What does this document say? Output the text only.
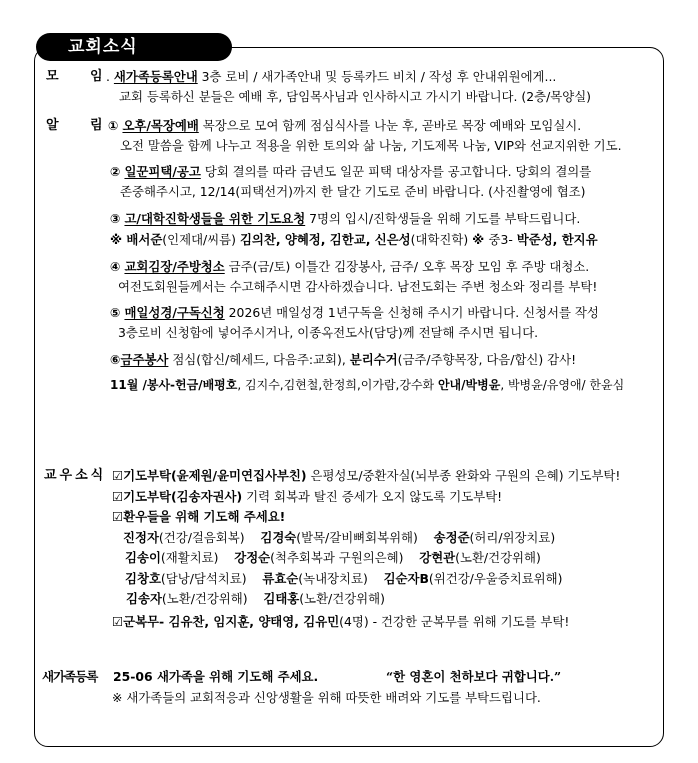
교회소식
모 임 . 새가족등록안내 3층 로비 / 새가족안내 및 등록카드 비치 / 작성 후 안내위원에게...
교회 등록하신 분들은 예배 후, 담임목사님과 인사하시고 가시기 바랍니다. (2층/목양실)
알 림 ① 오후/목장예배 목장으로 모여 함께 점심식사를 나눈 후, 곧바로 목장 예배와 모임실시.
오전 말씀을 함께 나누고 적용을 위한 토의와 삶 나눔, 기도제목 나눔, VIP와 선교지위한 기도.
② 일꾼피택/공고 당회 결의를 따라 금년도 일꾼 피택 대상자를 공고합니다. 당회의 결의를
존중해주시고, 12/14(피택선거)까지 한 달간 기도로 준비 바랍니다. (사진촬영에 협조)
③ 고/대학진학생들을 위한 기도요청 7명의 입시/진학생들을 위해 기도를 부탁드립니다.
※ 배서준(인제대/씨름) 김의찬, 양혜정, 김한교, 신은성(대학진학) ※ 중3- 박준성, 한지유
④ 교회김장/주방청소 금주(금/토) 이틀간 김장봉사, 금주/ 오후 목장 모임 후 주방 대청소.
여전도회원들께서는 수고해주시면 감사하겠습니다. 남전도회는 주변 청소와 정리를 부탁!
⑤ 매일성경/구독신청 2026년 매일성경 1년구독을 신청해 주시기 바랍니다. 신청서를 작성
3층로비 신청함에 넣어주시거나, 이종옥전도사(담당)께 전달해 주시면 됩니다.
⑥금주봉사 점심(합신/헤세드, 다음주:교회), 분리수거(금주/주향목장, 다음/합신) 감사!
11월 /봉사-헌금/배평호, 김지수,김현철,한정희,이가람,강수화 안내/박병윤, 박병윤/유영애/ 한윤심
교우소식 ☑기도부탁(윤제원/윤미연집사부친) 은평성모/중환자실(뇌부종 완화와 구원의 은혜) 기도부탁!
☑기도부탁(김송자권사) 기력 회복과 탈진 증세가 오지 않도록 기도부탁!
☑환우들을 위해 기도해 주세요!
진정자(건강/걸음회복) 김경숙(발목/갈비뼈회복위해) 송정준(허리/위장치료)
김송이(재활치료) 강정순(척추회복과 구원의은혜) 강현관(노환/건강위해)
김창호(담낭/담석치료) 류효순(녹내장치료) 김순자B(위건강/우울증치료위해)
김송자(노환/건강위해) 김태홍(노환/건강위해)
☑군복무- 김유찬, 임지훈, 양태영, 김유민(4명) - 건강한 군복무를 위해 기도를 부탁!
새가족등록 25-06 새가족을 위해 기도해 주세요.	“한 영혼이 천하보다 귀합니다.”
※ 새가족들의 교회적응과 신앙생활을 위해 따뜻한 배려와 기도를 부탁드립니다.
